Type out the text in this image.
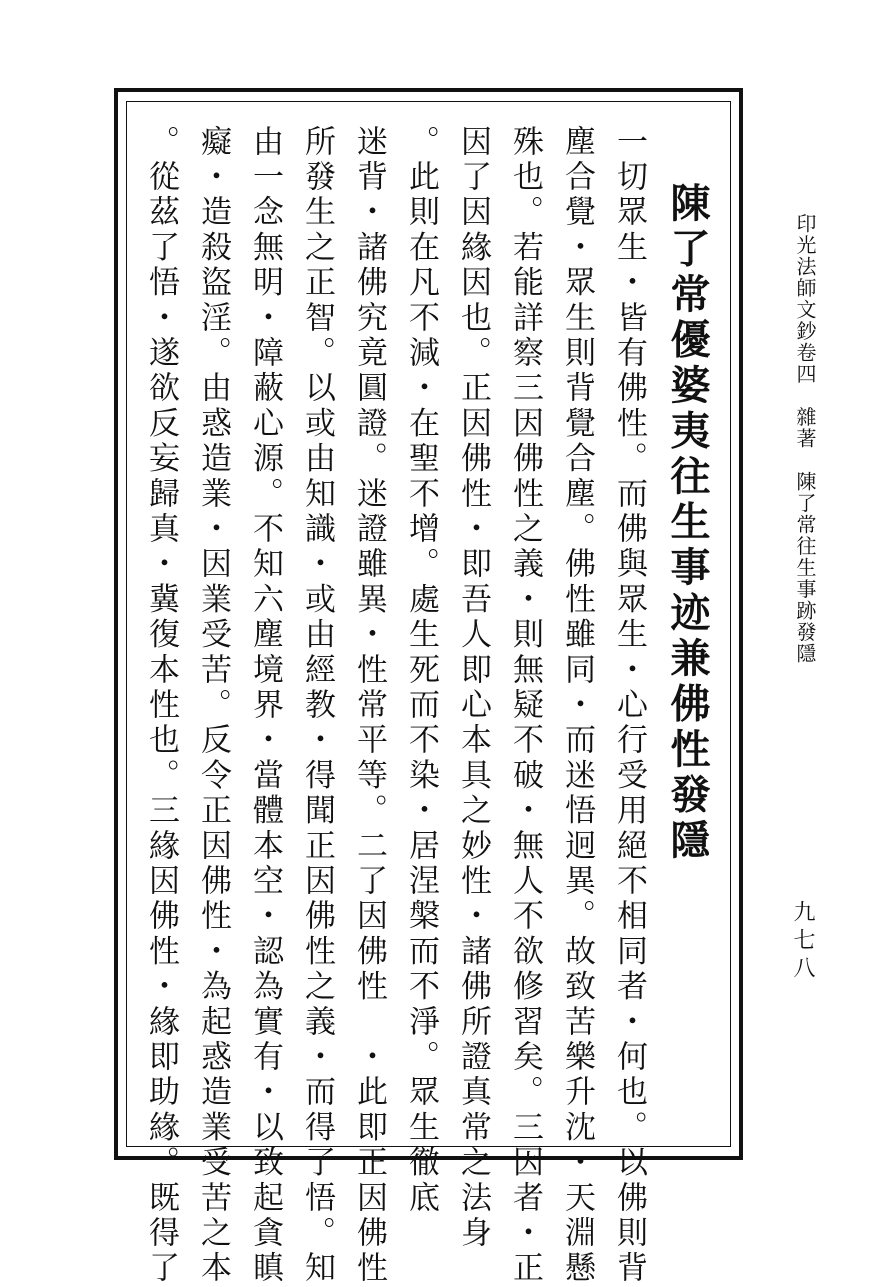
印光法師文鈔卷四　雜著　陳了常往生事跡發隱
九七八
陳了常優婆夷往生事迹兼佛性發隱
一切眾生・皆有佛性。而佛與眾生・心行受用絕不相同者・何也。以佛則背
塵合覺・眾生則背覺合塵。佛性雖同・而迷悟迥異。故致苦樂升沈・天淵懸
殊也。若能詳察三因佛性之義・則無疑不破・無人不欲修習矣。三因者・正
因了因緣因也。正因佛性・即吾人即心本具之妙性・諸佛所證真常之法身
。此則在凡不減・在聖不增。處生死而不染・居涅槃而不淨。眾生徹底
迷背・諸佛究竟圓證。迷證雖異・性常平等。二了因佛性　・此即正因佛性
所發生之正智。以或由知識・或由經教・得聞正因佛性之義・而得了悟。知
由一念無明・障蔽心源。不知六塵境界・當體本空・認為實有・以致起貪瞋
癡・造殺盜淫。由惑造業・因業受苦。反令正因佛性・為起惑造業受苦之本
。從茲了悟・遂欲反妄歸真・冀復本性也。三緣因佛性・緣即助緣。既得了
